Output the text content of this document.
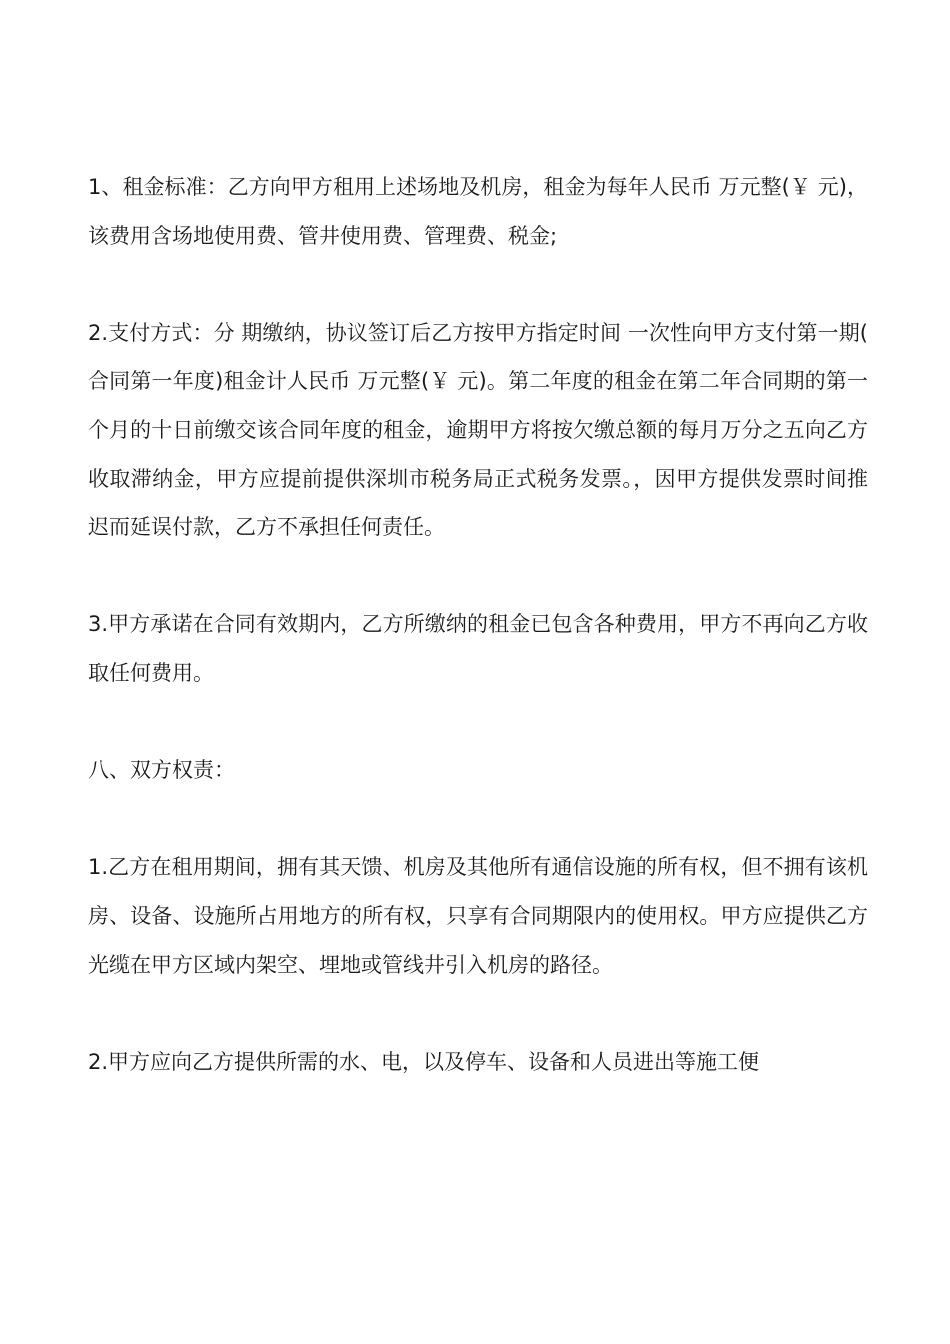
1、租金标准：乙方向甲方租用上述场地及机房，租金为每年人民币 万元整(￥ 元)，该费用含场地使用费、管井使用费、管理费、税金;

2.支付方式：分 期缴纳，协议签订后乙方按甲方指定时间 一次性向甲方支付第一期(合同第一年度)租金计人民币 万元整(￥ 元)。第二年度的租金在第二年合同期的第一个月的十日前缴交该合同年度的租金，逾期甲方将按欠缴总额的每月万分之五向乙方收取滞纳金，甲方应提前提供深圳市税务局正式税务发票。，因甲方提供发票时间推迟而延误付款，乙方不承担任何责任。

3.甲方承诺在合同有效期内，乙方所缴纳的租金已包含各种费用，甲方不再向乙方收取任何费用。

八、双方权责：

1.乙方在租用期间，拥有其天馈、机房及其他所有通信设施的所有权，但不拥有该机房、设备、设施所占用地方的所有权，只享有合同期限内的使用权。甲方应提供乙方光缆在甲方区域内架空、埋地或管线井引入机房的路径。

2.甲方应向乙方提供所需的水、电，以及停车、设备和人员进出等施工便
